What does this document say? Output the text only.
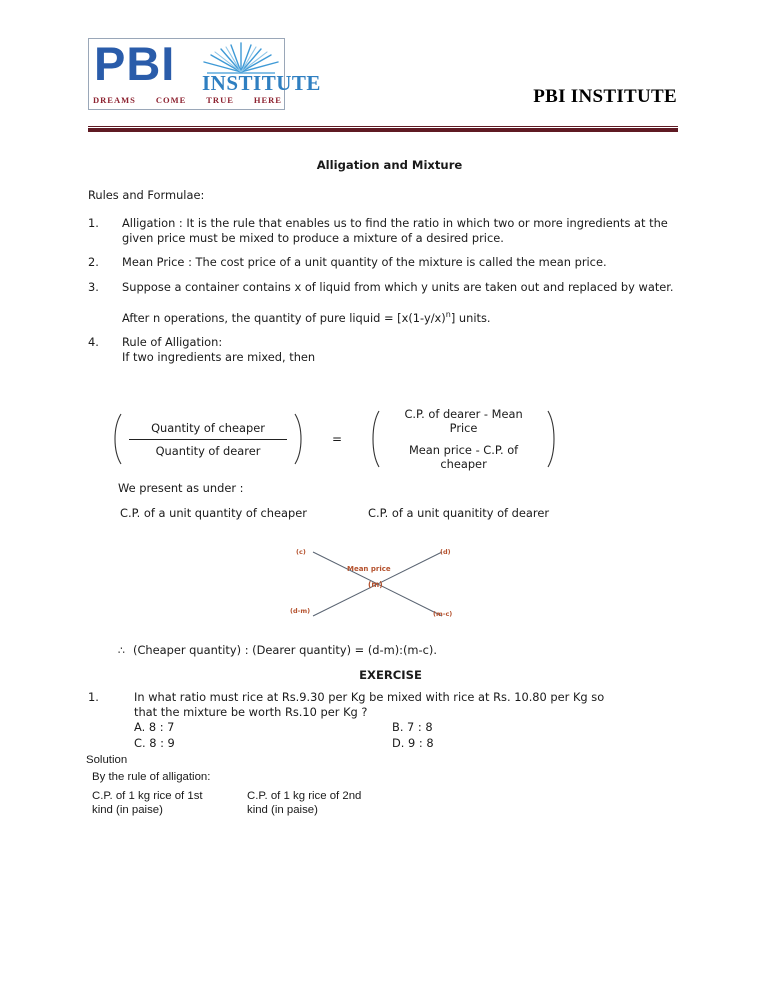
PBI INSTITUTE
DREAMS COME TRUE HERE	PBI INSTITUTE
Alligation and Mixture
Rules and Formulae:
1.	Alligation : It is the rule that enables us to find the ratio in which two or more ingredients at the given price must be mixed to produce a mixture of a desired price.
2.	Mean Price : The cost price of a unit quantity of the mixture is called the mean price.
3.	Suppose a container contains x of liquid from which y units are taken out and replaced by water.
After n operations, the quantity of pure liquid = $[x(1-y/x)^n]$ units.
4.	Rule of Alligation:
If two ingredients are mixed, then
$\frac{\text{Quantity of cheaper}}{\text{Quantity of dearer}}$	=	$\frac{\text{C.P. of dearer - Mean Price}}{\text{Mean price - C.P. of cheaper}}$
We present as under :
C.P. of a unit quantity of cheaper	C.P. of a unit quanitity of dearer
(c)	(d)
Mean price
(m)
(d-m)	(m-c)
∴ (Cheaper quantity) : (Dearer quantity) = (d-m):(m-c).
EXERCISE
1.	In what ratio must rice at Rs.9.30 per Kg be mixed with rice at Rs. 10.80 per Kg so
that the mixture be worth Rs.10 per Kg ?
A. 8 : 7	B. 7 : 8
C. 8 : 9	D. 9 : 8
Solution
By the rule of alligation:
C.P. of 1 kg rice of 1st
kind (in paise)
C.P. of 1 kg rice of 2nd
kind (in paise)
